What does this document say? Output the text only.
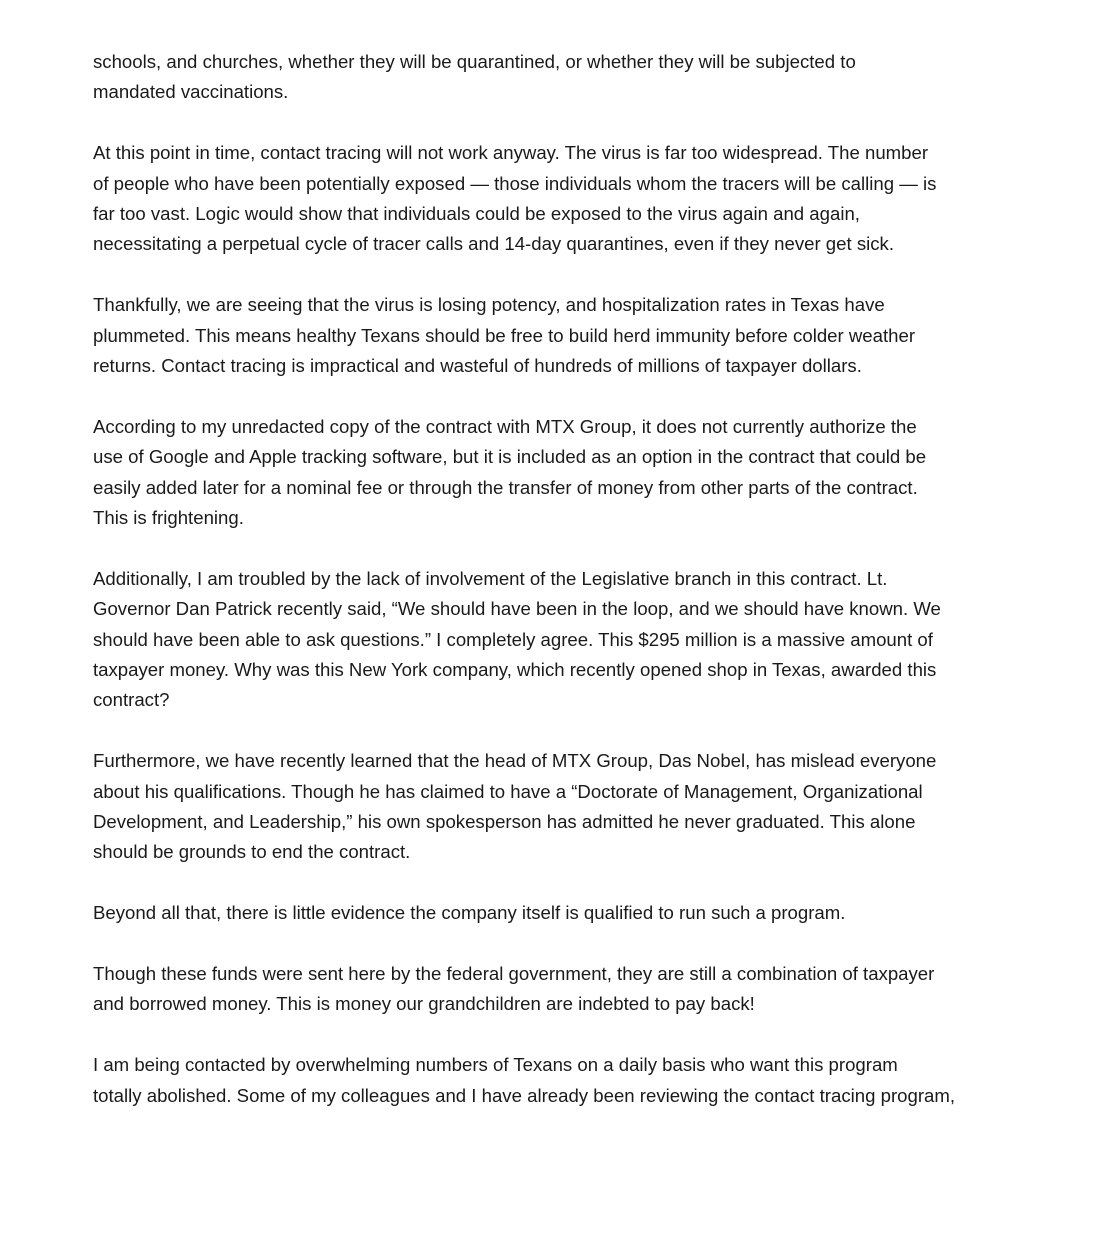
schools, and churches, whether they will be quarantined, or whether they will be subjected to
mandated vaccinations.

At this point in time, contact tracing will not work anyway. The virus is far too widespread. The number
of people who have been potentially exposed — those individuals whom the tracers will be calling — is
far too vast. Logic would show that individuals could be exposed to the virus again and again,
necessitating a perpetual cycle of tracer calls and 14-day quarantines, even if they never get sick.

Thankfully, we are seeing that the virus is losing potency, and hospitalization rates in Texas have
plummeted. This means healthy Texans should be free to build herd immunity before colder weather
returns. Contact tracing is impractical and wasteful of hundreds of millions of taxpayer dollars.

According to my unredacted copy of the contract with MTX Group, it does not currently authorize the
use of Google and Apple tracking software, but it is included as an option in the contract that could be
easily added later for a nominal fee or through the transfer of money from other parts of the contract.
This is frightening.

Additionally, I am troubled by the lack of involvement of the Legislative branch in this contract. Lt.
Governor Dan Patrick recently said, “We should have been in the loop, and we should have known. We
should have been able to ask questions.” I completely agree. This $295 million is a massive amount of
taxpayer money. Why was this New York company, which recently opened shop in Texas, awarded this
contract?

Furthermore, we have recently learned that the head of MTX Group, Das Nobel, has mislead everyone
about his qualifications. Though he has claimed to have a “Doctorate of Management, Organizational
Development, and Leadership,” his own spokesperson has admitted he never graduated. This alone
should be grounds to end the contract.

Beyond all that, there is little evidence the company itself is qualified to run such a program.

Though these funds were sent here by the federal government, they are still a combination of taxpayer
and borrowed money. This is money our grandchildren are indebted to pay back!

I am being contacted by overwhelming numbers of Texans on a daily basis who want this program
totally abolished. Some of my colleagues and I have already been reviewing the contact tracing program,
